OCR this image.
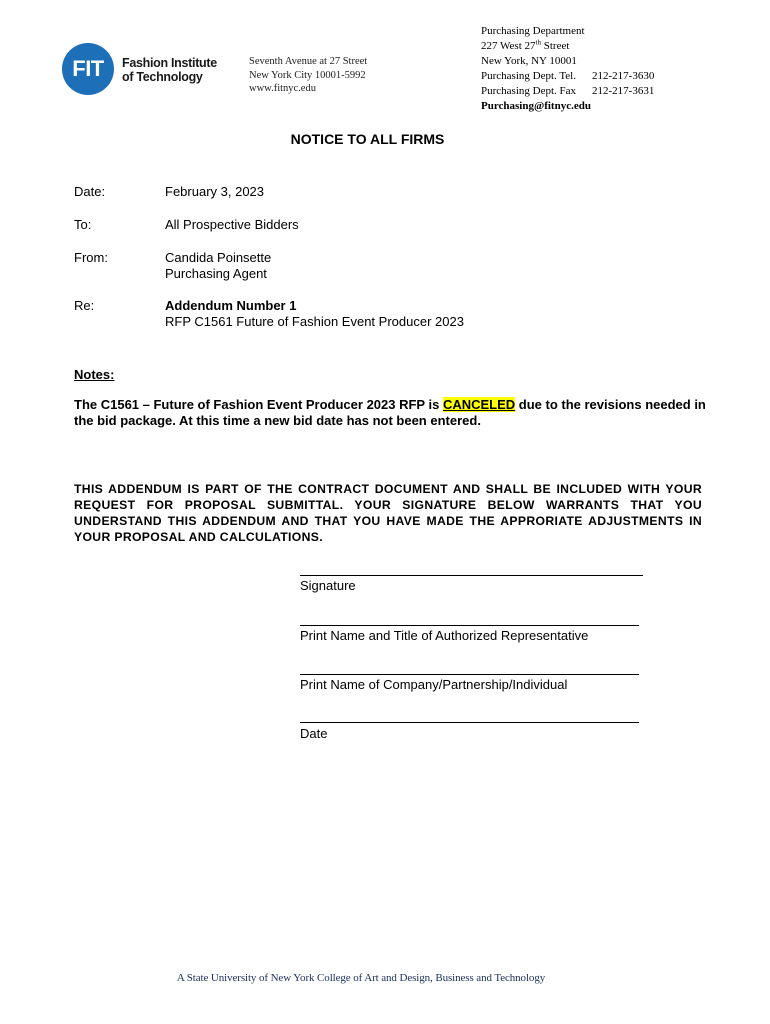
FIT	Fashion Institute
of Technology
Seventh Avenue at 27 Street
New York City 10001-5992
www.fitnyc.edu
Purchasing Department
227 West 27th Street
New York, NY 10001
Purchasing Dept. Tel. 212-217-3630
Purchasing Dept. Fax 212-217-3631
Purchasing@fitnyc.edu
NOTICE TO ALL FIRMS
Date:	February 3, 2023
To:	All Prospective Bidders
From:	Candida Poinsette
Purchasing Agent
Re:	Addendum Number 1
RFP C1561 Future of Fashion Event Producer 2023
Notes:
The C1561 – Future of Fashion Event Producer 2023 RFP is CANCELED due to the revisions needed in the bid package. At this time a new bid date has not been entered.
THIS ADDENDUM IS PART OF THE CONTRACT DOCUMENT AND SHALL BE INCLUDED WITH YOUR REQUEST FOR PROPOSAL SUBMITTAL. YOUR SIGNATURE BELOW WARRANTS THAT YOU UNDERSTAND THIS ADDENDUM AND THAT YOU HAVE MADE THE APPRORIATE ADJUSTMENTS IN YOUR PROPOSAL AND CALCULATIONS.
Signature
Print Name and Title of Authorized Representative
Print Name of Company/Partnership/Individual
Date
A State University of New York College of Art and Design, Business and Technology
